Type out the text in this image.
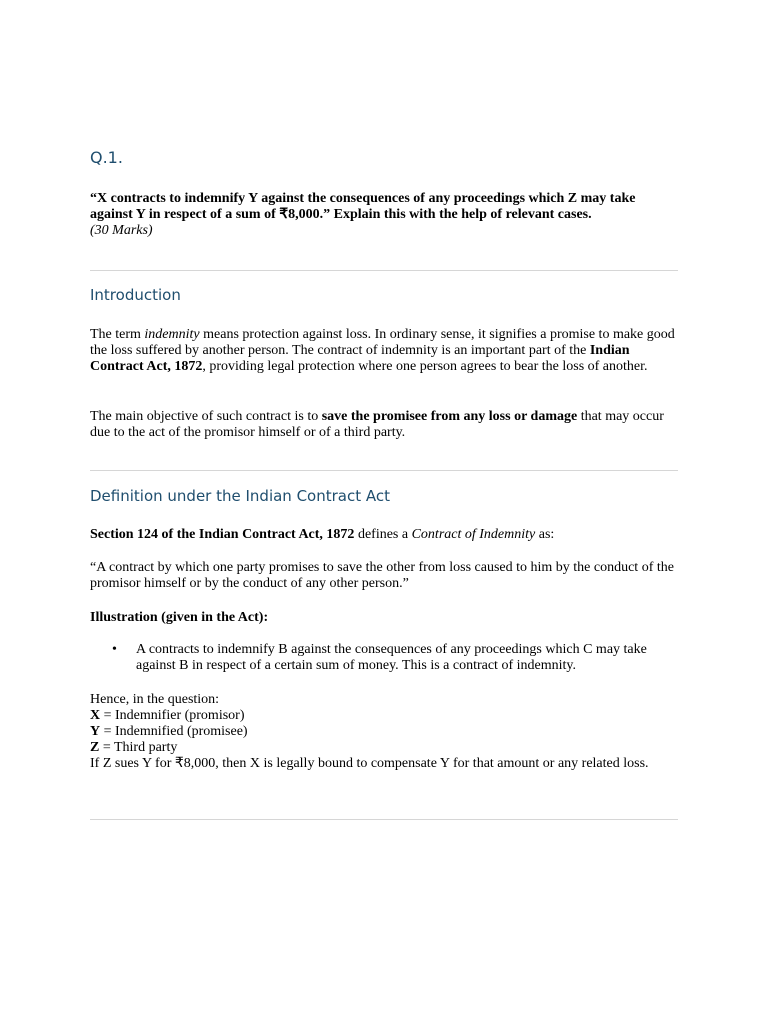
Q.1.

“X contracts to indemnify Y against the consequences of any proceedings which Z may take against Y in respect of a sum of ₹8,000.” Explain this with the help of relevant cases.
(30 Marks)

Introduction

The term indemnity means protection against loss. In ordinary sense, it signifies a promise to make good the loss suffered by another person. The contract of indemnity is an important part of the Indian Contract Act, 1872, providing legal protection where one person agrees to bear the loss of another.

The main objective of such contract is to save the promisee from any loss or damage that may occur due to the act of the promisor himself or of a third party.

Definition under the Indian Contract Act

Section 124 of the Indian Contract Act, 1872 defines a Contract of Indemnity as:

“A contract by which one party promises to save the other from loss caused to him by the conduct of the promisor himself or by the conduct of any other person.”

Illustration (given in the Act):

• A contracts to indemnify B against the consequences of any proceedings which C may take against B in respect of a certain sum of money. This is a contract of indemnity.

Hence, in the question:
X = Indemnifier (promisor)
Y = Indemnified (promisee)
Z = Third party
If Z sues Y for ₹8,000, then X is legally bound to compensate Y for that amount or any related loss.
